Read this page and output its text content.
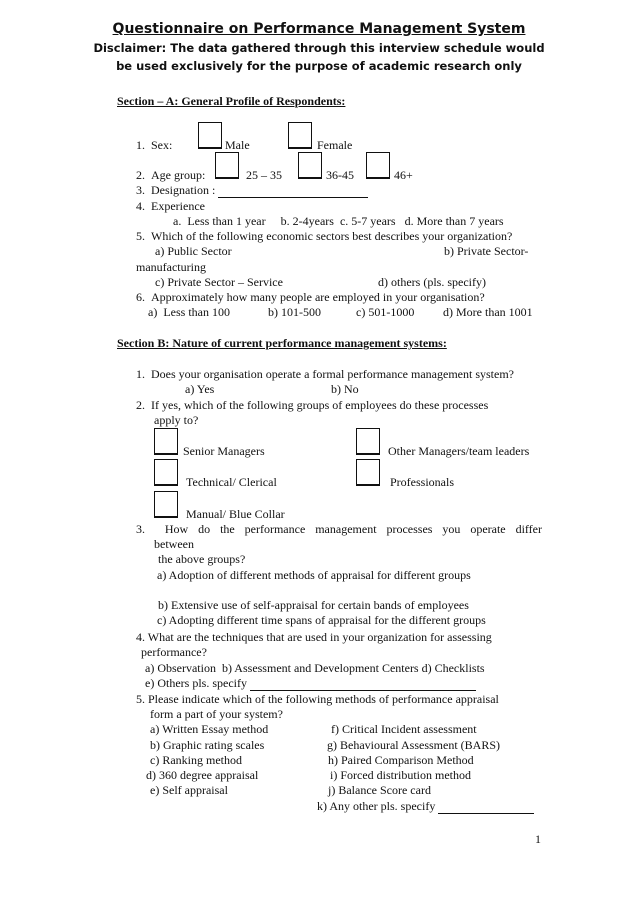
Questionnaire on Performance Management System
Disclaimer: The data gathered through this interview schedule would
be used exclusively for the purpose of academic research only
Section – A: General Profile of Respondents:
1.  Sex:	Male	Female
2.  Age group:	25 – 35	36-45	46+
3.  Designation :
4.  Experience
a.  Less than 1 year     b. 2-4years  c. 5-7 years   d. More than 7 years
5.  Which of the following economic sectors best describes your organization?
a) Public Sector	b) Private Sector-
manufacturing
c) Private Sector – Service	d) others (pls. specify)
6.  Approximately how many people are employed in your organisation?
a)  Less than 100	b) 101-500	c) 501-1000 d) More than 1001
Section B: Nature of current performance management systems:
1.  Does your organisation operate a formal performance management system?
a) Yes	b) No
2.  If yes, which of the following groups of employees do these processes
apply to?
Senior Managers	Other Managers/team leaders
Technical/ Clerical	Professionals
Manual/ Blue Collar
3.  How do the performance management processes you operate differ
between
the above groups?
a) Adoption of different methods of appraisal for different groups
b) Extensive use of self-appraisal for certain bands of employees
c) Adopting different time spans of appraisal for the different groups
4. What are the techniques that are used in your organization for assessing
performance?
a) Observation  b) Assessment and Development Centers d) Checklists
e) Others pls. specify
5. Please indicate which of the following methods of performance appraisal
form a part of your system?
a) Written Essay method
b) Graphic rating scales
c) Ranking method
d) 360 degree appraisal
e) Self appraisal
f) Critical Incident assessment
g) Behavioural Assessment (BARS)
h) Paired Comparison Method
i) Forced distribution method
j) Balance Score card
k) Any other pls. specify
1
